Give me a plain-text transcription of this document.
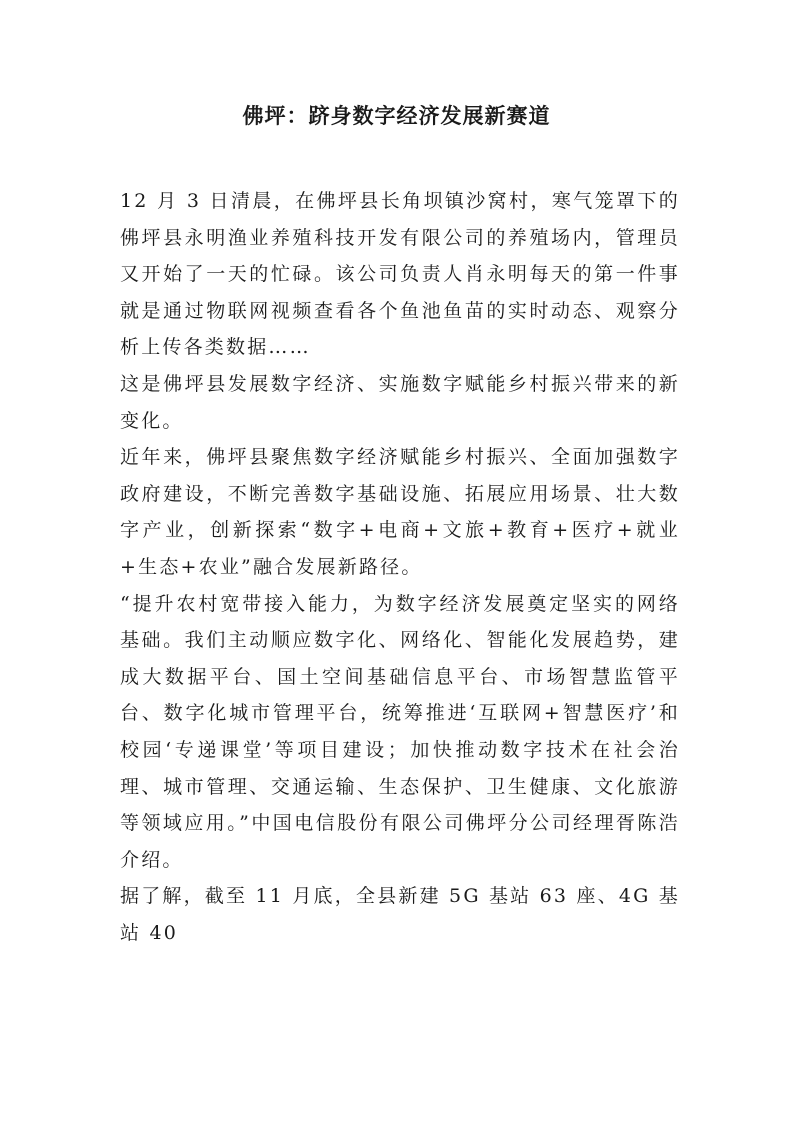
佛坪：跻身数字经济发展新赛道

12 月 3 日清晨，在佛坪县长角坝镇沙窝村，寒气笼罩下的佛坪县永明渔业养殖科技开发有限公司的养殖场内，管理员又开始了一天的忙碌。该公司负责人肖永明每天的第一件事就是通过物联网视频查看各个鱼池鱼苗的实时动态、观察分析上传各类数据……

这是佛坪县发展数字经济、实施数字赋能乡村振兴带来的新变化。

近年来，佛坪县聚焦数字经济赋能乡村振兴、全面加强数字政府建设，不断完善数字基础设施、拓展应用场景、壮大数字产业，创新探索“数字+电商+文旅+教育+医疗+就业+生态+农业”融合发展新路径。

“提升农村宽带接入能力，为数字经济发展奠定坚实的网络基础。我们主动顺应数字化、网络化、智能化发展趋势，建成大数据平台、国土空间基础信息平台、市场智慧监管平台、数字化城市管理平台，统筹推进‘互联网+智慧医疗’和校园‘专递课堂’等项目建设；加快推动数字技术在社会治理、城市管理、交通运输、生态保护、卫生健康、文化旅游等领域应用。”中国电信股份有限公司佛坪分公司经理胥陈浩介绍。

据了解，截至 11 月底，全县新建 5G 基站 63 座、4G 基站 40
